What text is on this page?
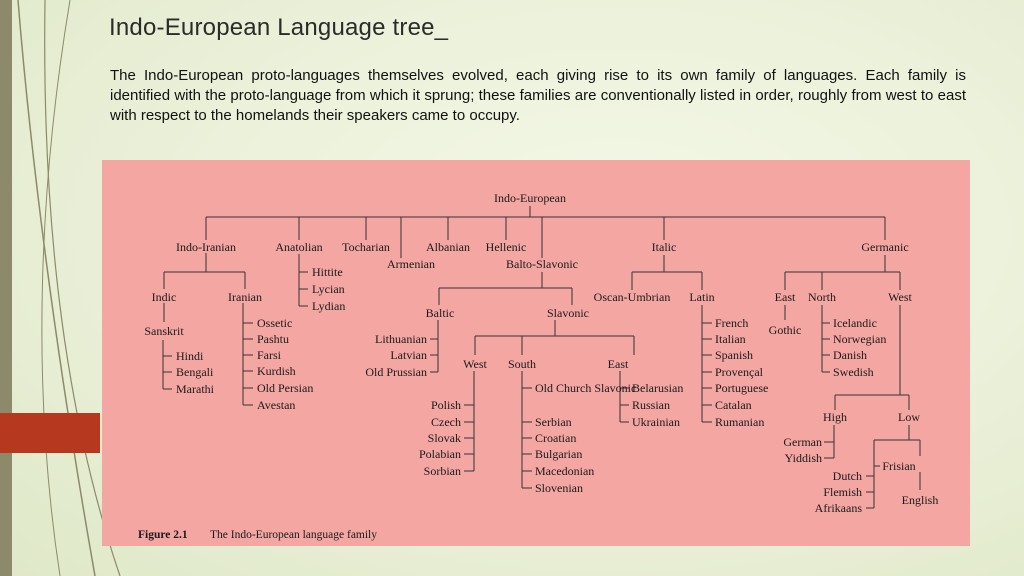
Indo-European Language tree_

The Indo-European proto-languages themselves evolved, each giving rise to its own family of languages. Each family is identified with the proto-language from which it sprung; these families are conventionally listed in order, roughly from west to east with respect to the homelands their speakers came to occupy.

Indo-European
Indo-Iranian	Anatolian Tocharian
Armenian
Albanian Hellenic
Balto-Slavonic
Italic	Germanic
Indic	Iranian
Sanskrit
Hindi
Bengali
Marathi
Ossetic
Pashtu
Farsi
Kurdish
Old Persian
Avestan
Hittite
Lycian
Lydian	Baltic
Lithuanian
Latvian
Old Prussian
Slavonic
West South	East
Polish
Czech
Slovak
Polabian
Sorbian
Old Church Slavonic
Serbian
Croatian
Bulgarian
Macedonian
Slovenian
Belarusian
Russian
Ukrainian
Oscan-Umbrian Latin
French
Italian
Spanish
Provençal
Portuguese
Catalan
Rumanian
East North	West
Gothic	Icelandic
Norwegian
Danish
Swedish
High	Low
German
Yiddish
Dutch
Flemish
Afrikaans
Frisian
English
Figure 2.1 The Indo-European language family
